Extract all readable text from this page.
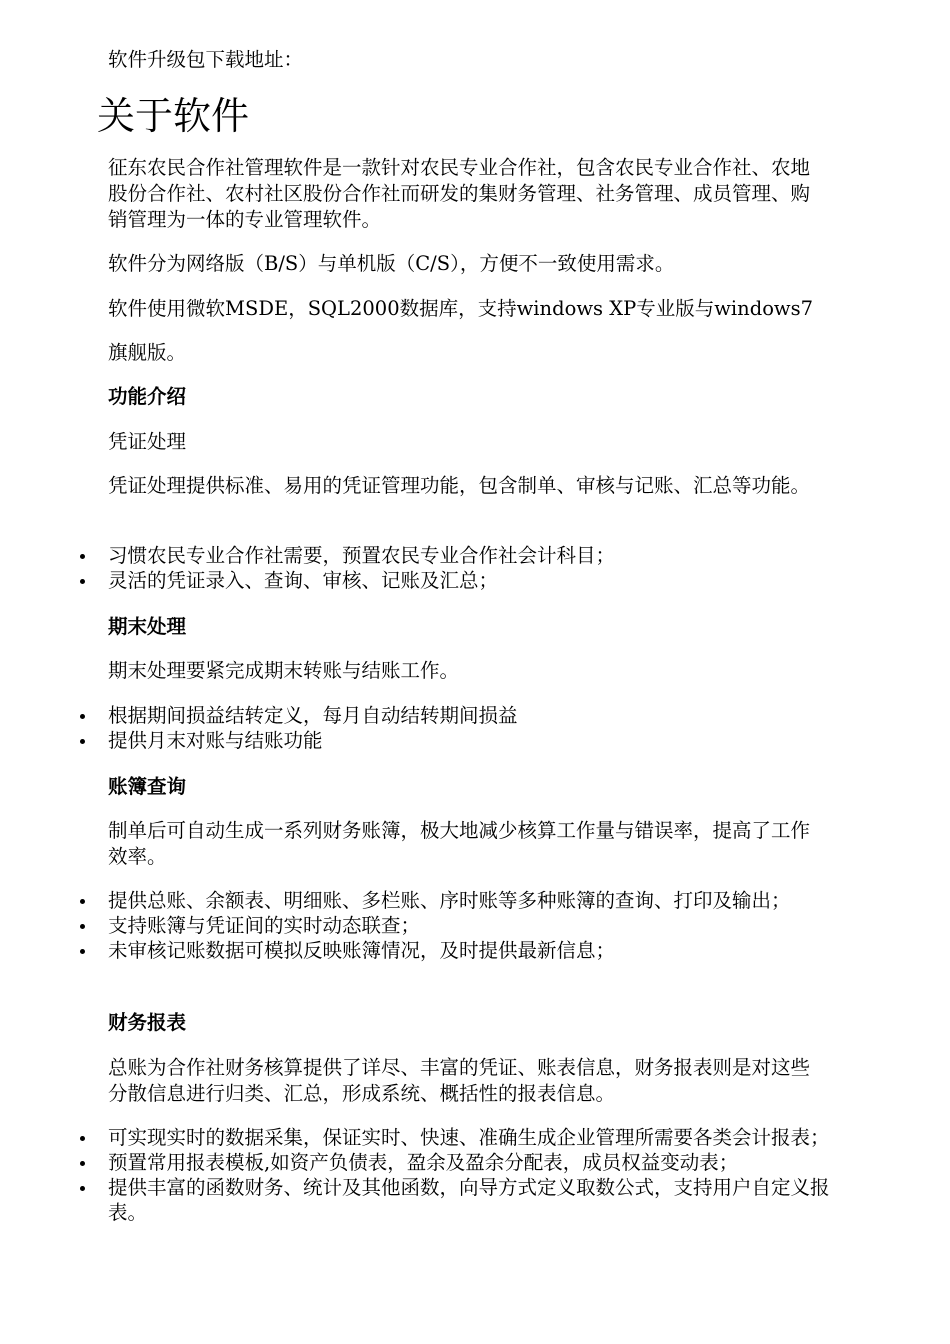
软件升级包下载地址：

关于软件

征东农民合作社管理软件是一款针对农民专业合作社，包含农民专业合作社、农地股份合作社、农村社区股份合作社而研发的集财务管理、社务管理、成员管理、购销管理为一体的专业管理软件。

软件分为网络版（B/S）与单机版（C/S），方便不一致使用需求。

软件使用微软MSDE，SQL2000数据库，支持windows XP专业版与windows7

旗舰版。

功能介绍

凭证处理

凭证处理提供标准、易用的凭证管理功能，包含制单、审核与记账、汇总等功能。

习惯农民专业合作社需要，预置农民专业合作社会计科目；
灵活的凭证录入、查询、审核、记账及汇总；
期末处理

期末处理要紧完成期末转账与结账工作。

根据期间损益结转定义，每月自动结转期间损益
提供月末对账与结账功能
账簿查询

制单后可自动生成一系列财务账簿，极大地减少核算工作量与错误率，提高了工作效率。

提供总账、余额表、明细账、多栏账、序时账等多种账簿的查询、打印及输出；
支持账簿与凭证间的实时动态联查；
未审核记账数据可模拟反映账簿情况，及时提供最新信息；
财务报表

总账为合作社财务核算提供了详尽、丰富的凭证、账表信息，财务报表则是对这些分散信息进行归类、汇总，形成系统、概括性的报表信息。

可实现实时的数据采集，保证实时、快速、准确生成企业管理所需要各类会计报表；
预置常用报表模板,如资产负债表，盈余及盈余分配表，成员权益变动表；
提供丰富的函数财务、统计及其他函数，向导方式定义取数公式，支持用户自定义报表。
